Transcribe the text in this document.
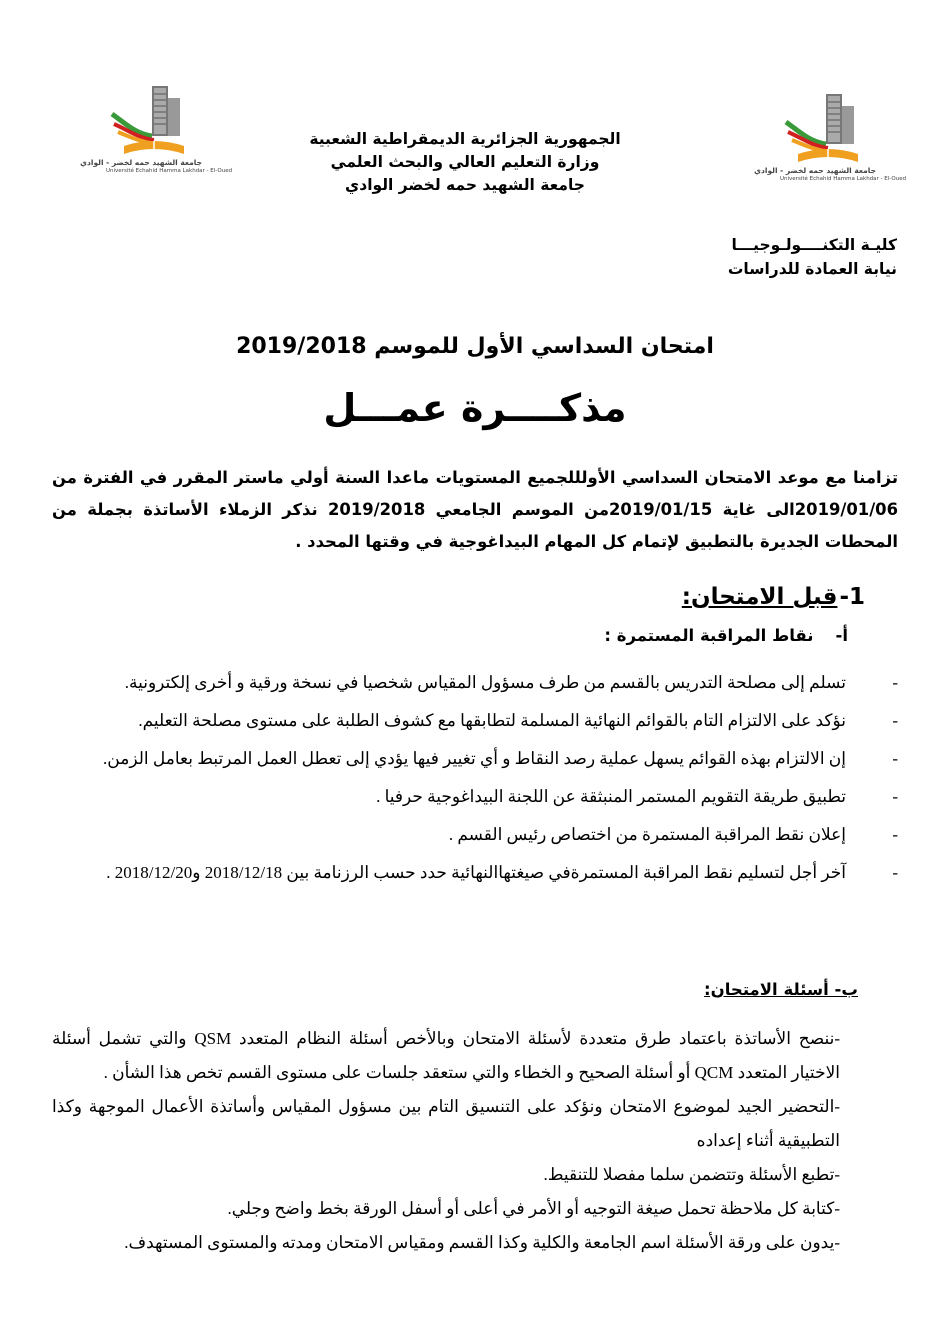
جامعة الشهيد حمه لخضر - الوادي
Université Echahid Hamma Lakhdar - El-Oued	جامعة الشهيد حمه لخضر - الوادي
Université Echahid Hamma Lakhdar - El-Oued
الجمهورية الجزائرية الديمقراطية الشعبية
وزارة التعليم العالي والبحث العلمي
جامعة الشهيد حمه لخضر الوادي
كليـة التكنــــولـوجيـــا
نيابة العمادة للدراسات
امتحان السداسي الأول للموسم 2019/2018
مذكــــرة عمـــل

تزامنا مع موعد الامتحان السداسي الأولللجميع المستويات ماعدا السنة أولي ماستر المقرر في الفترة من 2019/01/06الى غاية 2019/01/15من الموسم الجامعي 2019/2018 نذكر الزملاء الأساتذة بجملة من المحطات الجديرة بالتطبيق لإتمام كل المهام البيداغوجية في وقتها المحدد .

1-قبل الامتحان:
أ-نقاط المراقبة المستمرة :
-
تسلم إلى مصلحة التدريس بالقسم من طرف مسؤول المقياس شخصيا في نسخة ورقية و أخرى إلكترونية.
-
نؤكد على الالتزام التام بالقوائم النهائية المسلمة لتطابقها مع كشوف الطلبة على مستوى مصلحة التعليم.
-
إن الالتزام بهذه القوائم يسهل عملية رصد النقاط و أي تغيير فيها يؤدي إلى تعطل العمل المرتبط بعامل الزمن.
-
تطبيق طريقة التقويم المستمر المنبثقة عن اللجنة البيداغوجية حرفيا .
-
إعلان نقط المراقبة المستمرة من اختصاص رئيس القسم .
-
آخر أجل لتسليم نقط المراقبة المستمرةفي صيغتهاالنهائية حدد حسب الرزنامة بين 2018/12/18 و2018/12/20 .
ب- أسئلة الامتحان:

-ننصح الأساتذة باعتماد طرق متعددة لأسئلة الامتحان وبالأخص أسئلة النظام المتعدد QSM والتي تشمل أسئلة الاختيار المتعدد QCM أو أسئلة الصحيح و الخطاء والتي ستعقد جلسات على مستوى القسم تخص هذا الشأن .

-التحضير الجيد لموضوع الامتحان ونؤكد على التنسيق التام بين مسؤول المقياس وأساتذة الأعمال الموجهة وكذا التطبيقية أثناء إعداده

-تطبع الأسئلة وتتضمن سلما مفصلا للتنقيط.

-كتابة كل ملاحظة تحمل صيغة التوجيه أو الأمر في أعلى أو أسفل الورقة بخط واضح وجلي.

-يدون على ورقة الأسئلة اسم الجامعة والكلية وكذا القسم ومقياس الامتحان ومدته والمستوى المستهدف.
